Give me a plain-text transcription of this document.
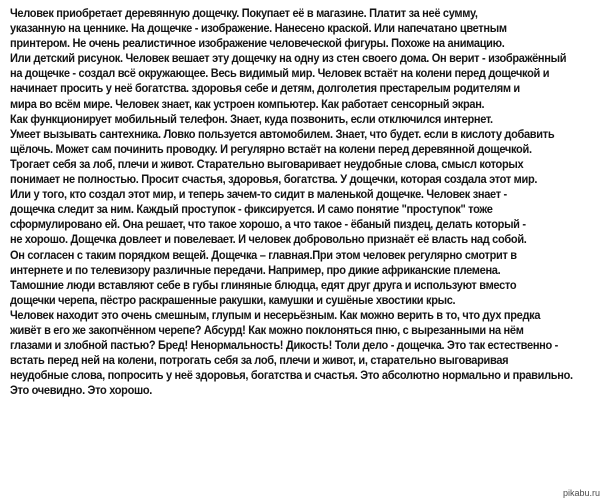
Человек приобретает деревянную дощечку. Покупает её в магазине. Платит за неё сумму,
указанную на ценнике. На дощечке - изображение. Нанесено краской. Или напечатано цветным
принтером. Не очень реалистичное изображение человеческой фигуры. Похоже на анимацию.
Или детский рисунок. Человек вешает эту дощечку на одну из стен своего дома. Он верит - изображённый
на дощечке - создал всё окружающее. Весь видимый мир. Человек встаёт на колени перед дощечкой и
начинает просить у неё богатства. здоровья себе и детям, долголетия престарелым родителям и
мира во всём мире. Человек знает, как устроен компьютер. Как работает сенсорный экран.
Как функционирует мобильный телефон. Знает, куда позвонить, если отключился интернет.
Умеет вызывать сантехника. Ловко пользуется автомобилем. Знает, что будет. если в кислоту добавить
щёлочь. Может сам починить проводку. И регулярно встаёт на колени перед деревянной дощечкой.
Трогает себя за лоб, плечи и живот. Старательно выговаривает неудобные слова, смысл которых
понимает не полностью. Просит счастья, здоровья, богатства. У дощечки, которая создала этот мир.
Или у того, кто создал этот мир, и теперь зачем-то сидит в маленькой дощечке. Человек знает -
дощечка следит за ним. Каждый проступок - фиксируется. И само понятие "проступок" тоже
сформулировано ей. Она решает, что такое хорошо, а что такое - ёбаный пиздец, делать который -
не хорошо. Дощечка довлеет и повелевает. И человек добровольно признаёт её власть над собой.
Он согласен с таким порядком вещей. Дощечка – главная.При этом человек регулярно смотрит в
интернете и по телевизору различные передачи. Например, про дикие африканские племена.
Тамошние люди вставляют себе в губы глиняные блюдца, едят друг друга и используют вместо
дощечки черепа, пёстро раскрашенные ракушки, камушки и сушёные хвостики крыс.
Человек находит это очень смешным, глупым и несерьёзным. Как можно верить в то, что дух предка
живёт в его же закопчённом черепе? Абсурд! Как можно поклоняться пню, с вырезанными на нём
глазами и злобной пастью? Бред! Ненормальность! Дикость! Толи дело - дощечка. Это так естественно -
встать перед ней на колени, потрогать себя за лоб, плечи и живот, и, старательно выговаривая
неудобные слова, попросить у неё здоровья, богатства и счастья. Это абсолютно нормально и правильно.
Это очевидно. Это хорошо.
pikabu.ru
